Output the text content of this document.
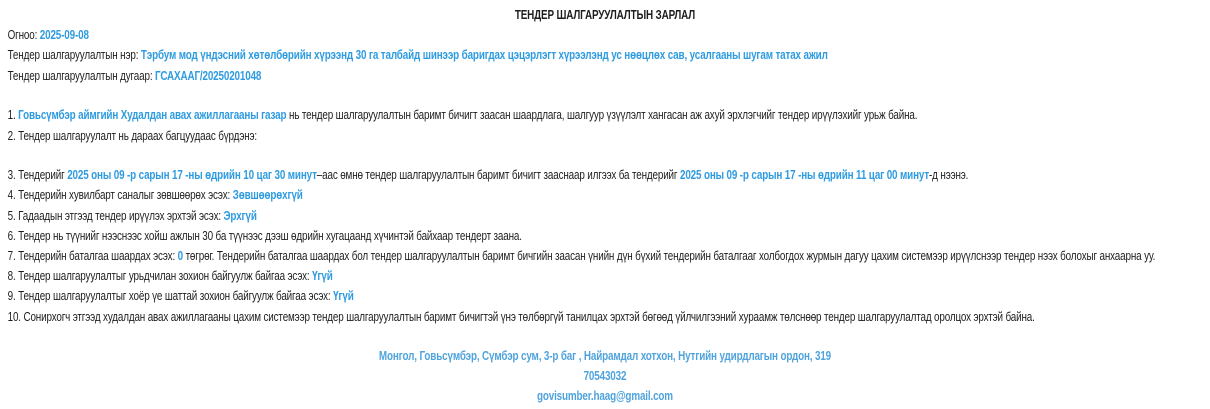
ТЕНДЕР ШАЛГАРУУЛАЛТЫН ЗАРЛАЛ
Огноо: 2025-09-08
Тендер шалгаруулалтын нэр: Тэрбум мод үндэсний хөтөлбөрийн хүрээнд 30 га талбайд шинээр баригдах цэцэрлэгт хүрээлэнд ус нөөцлөх сав, усалгааны шугам татах ажил
Тендер шалгаруулалтын дугаар: ГСАХААГ/20250201048
1. Говьсүмбэр аймгийн Худалдан авах ажиллагааны газар нь тендер шалгаруулалтын баримт бичигт заасан шаардлага, шалгуур үзүүлэлт хангасан аж ахуй эрхлэгчийг тендер ирүүлэхийг урьж байна.
2. Тендер шалгаруулалт нь дараах багцуудаас бүрдэнэ:
3. Тендерийг 2025 оны 09 -р сарын 17 -ны өдрийн 10 цаг 30 минут–аас өмнө тендер шалгаруулалтын баримт бичигт зааснаар илгээх ба тендерийг 2025 оны 09 -р сарын 17 -ны өдрийн 11 цаг 00 минут-д нээнэ.
4. Тендерийн хувилбарт саналыг зөвшөөрөх эсэх: Зөвшөөрөхгүй
5. Гадаадын этгээд тендер ирүүлэх эрхтэй эсэх: Эрхгүй
6. Тендер нь түүнийг нээснээс хойш ажлын 30 ба түүнээс дээш өдрийн хугацаанд хүчинтэй байхаар тендерт заана.
7. Тендерийн баталгаа шаардах эсэх: 0 төгрөг. Тендерийн баталгаа шаардах бол тендер шалгаруулалтын баримт бичгийн заасан үнийн дүн бүхий тендерийн баталгааг холбогдох журмын дагуу цахим системээр ирүүлснээр тендер нээх болохыг анхаарна уу.
8. Тендер шалгаруулалтыг урьдчилан зохион байгуулж байгаа эсэх: Үгүй
9. Тендер шалгаруулалтыг хоёр үе шаттай зохион байгуулж байгаа эсэх: Үгүй
10. Сонирхогч этгээд худалдан авах ажиллагааны цахим системээр тендер шалгаруулалтын баримт бичигтэй үнэ төлбөргүй танилцах эрхтэй бөгөөд үйлчилгээний хураамж төлснөөр тендер шалгаруулалтад оролцох эрхтэй байна.
Монгол, Говьсүмбэр, Сүмбэр сум, 3-р баг , Найрамдал хотхон, Нутгийн удирдлагын ордон, 319
70543032
govisumber.haag@gmail.com
